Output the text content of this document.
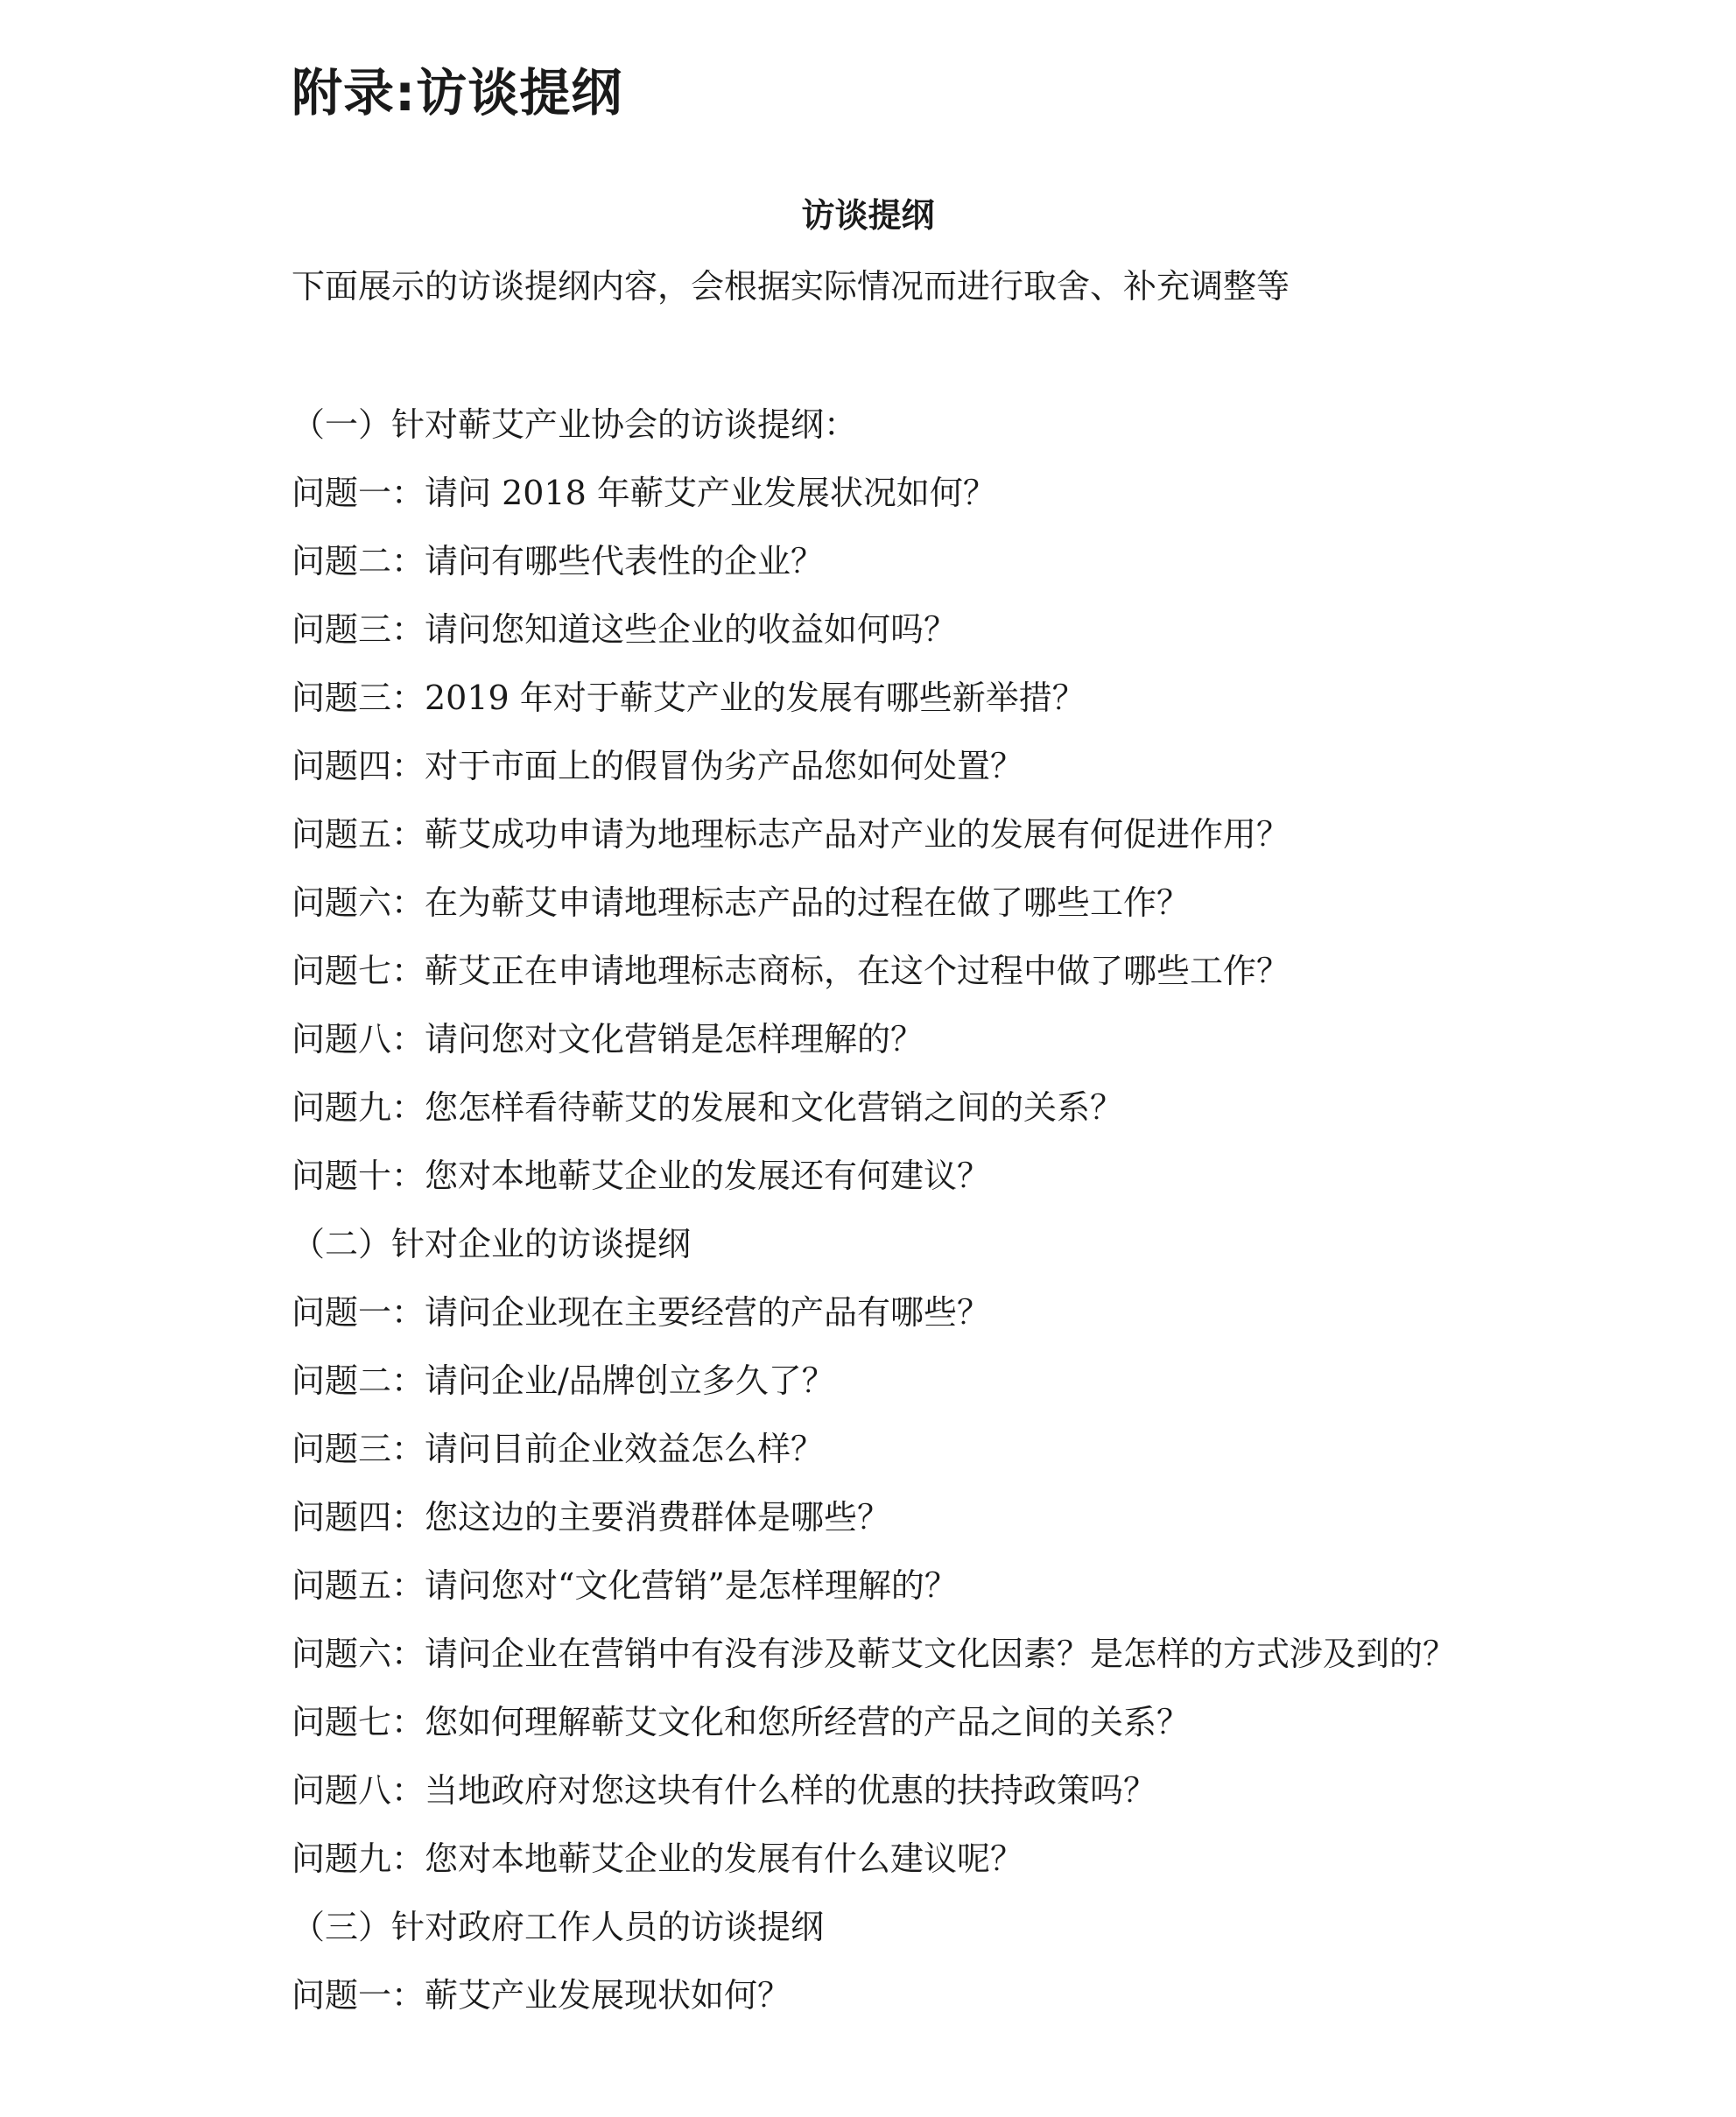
附录:访谈提纲
访谈提纲

下面展示的访谈提纲内容，会根据实际情况而进行取舍、补充调整等

（一）针对蕲艾产业协会的访谈提纲：

问题一：请问 2018 年蕲艾产业发展状况如何？

问题二：请问有哪些代表性的企业？

问题三：请问您知道这些企业的收益如何吗？

问题三：2019 年对于蕲艾产业的发展有哪些新举措？

问题四：对于市面上的假冒伪劣产品您如何处置？

问题五：蕲艾成功申请为地理标志产品对产业的发展有何促进作用？

问题六：在为蕲艾申请地理标志产品的过程在做了哪些工作？

问题七：蕲艾正在申请地理标志商标，在这个过程中做了哪些工作？

问题八：请问您对文化营销是怎样理解的？

问题九：您怎样看待蕲艾的发展和文化营销之间的关系？

问题十：您对本地蕲艾企业的发展还有何建议？

（二）针对企业的访谈提纲

问题一：请问企业现在主要经营的产品有哪些？

问题二：请问企业/品牌创立多久了？

问题三：请问目前企业效益怎么样？

问题四：您这边的主要消费群体是哪些？

问题五：请问您对“文化营销”是怎样理解的？

问题六：请问企业在营销中有没有涉及蕲艾文化因素？是怎样的方式涉及到的？

问题七：您如何理解蕲艾文化和您所经营的产品之间的关系？

问题八：当地政府对您这块有什么样的优惠的扶持政策吗？

问题九：您对本地蕲艾企业的发展有什么建议呢？

（三）针对政府工作人员的访谈提纲

问题一：蕲艾产业发展现状如何？
